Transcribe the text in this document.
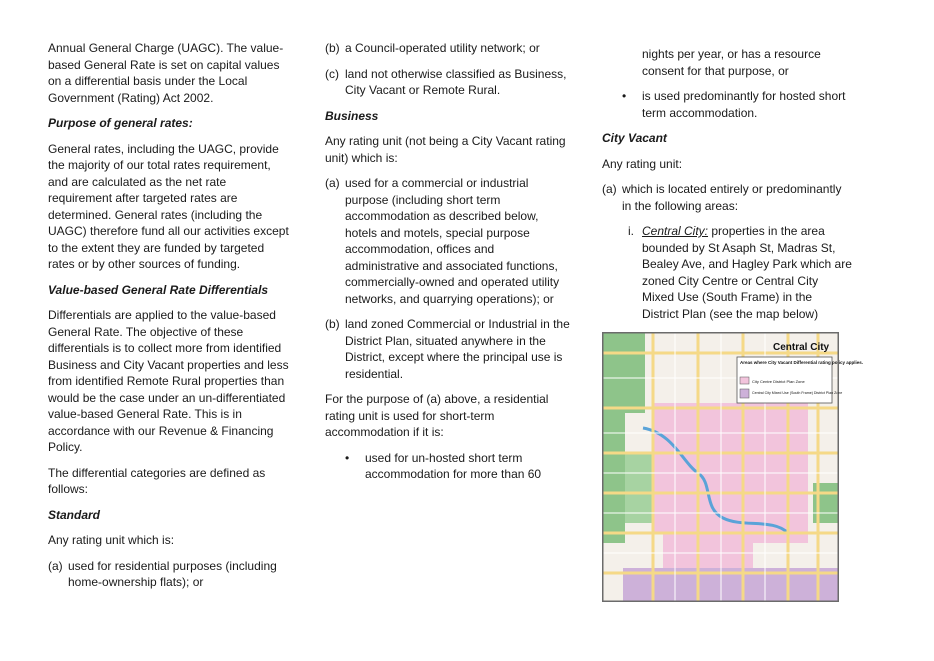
Annual General Charge (UAGC). The value-based General Rate is set on capital values on a differential basis under the Local Government (Rating) Act 2002.

Purpose of general rates:

General rates, including the UAGC, provide the majority of our total rates requirement, and are calculated as the net rate requirement after targeted rates are determined. General rates (including the UAGC) therefore fund all our activities except to the extent they are funded by targeted rates or by other sources of funding.

Value-based General Rate Differentials

Differentials are applied to the value-based General Rate. The objective of these differentials is to collect more from identified Business and City Vacant properties and less from identified Remote Rural properties than would be the case under an un-differentiated value-based General Rate. This is in accordance with our Revenue & Financing Policy.

The differential categories are defined as follows:

Standard

Any rating unit which is:

(a) used for residential purposes (including home-ownership flats); or
(b) a Council-operated utility network; or
(c) land not otherwise classified as Business, City Vacant or Remote Rural.

Business

Any rating unit (not being a City Vacant rating unit) which is:

(a) used for a commercial or industrial purpose (including short term accommodation as described below, hotels and motels, special purpose accommodation, offices and administrative and associated functions, commercially-owned and operated utility networks, and quarrying operations); or
(b) land zoned Commercial or Industrial in the District Plan, situated anywhere in the District, except where the principal use is residential.

For the purpose of (a) above, a residential rating unit is used for short-term accommodation if it is:

• used for un-hosted short term accommodation for more than 60
nights per year, or has a resource consent for that purpose, or
• is used predominantly for hosted short term accommodation.

City Vacant

Any rating unit:

(a) which is located entirely or predominantly in the following areas:
i. Central City: properties in the area bounded by St Asaph St, Madras St, Bealey Ave, and Hagley Park which are zoned City Centre or Central City Mixed Use (South Frame) in the District Plan (see the map below)
Central City
Areas where City Vacant Differential rating policy applies.
City Centre District Plan Zone
Central City Mixed Use (South Frame) District Plan Zone
